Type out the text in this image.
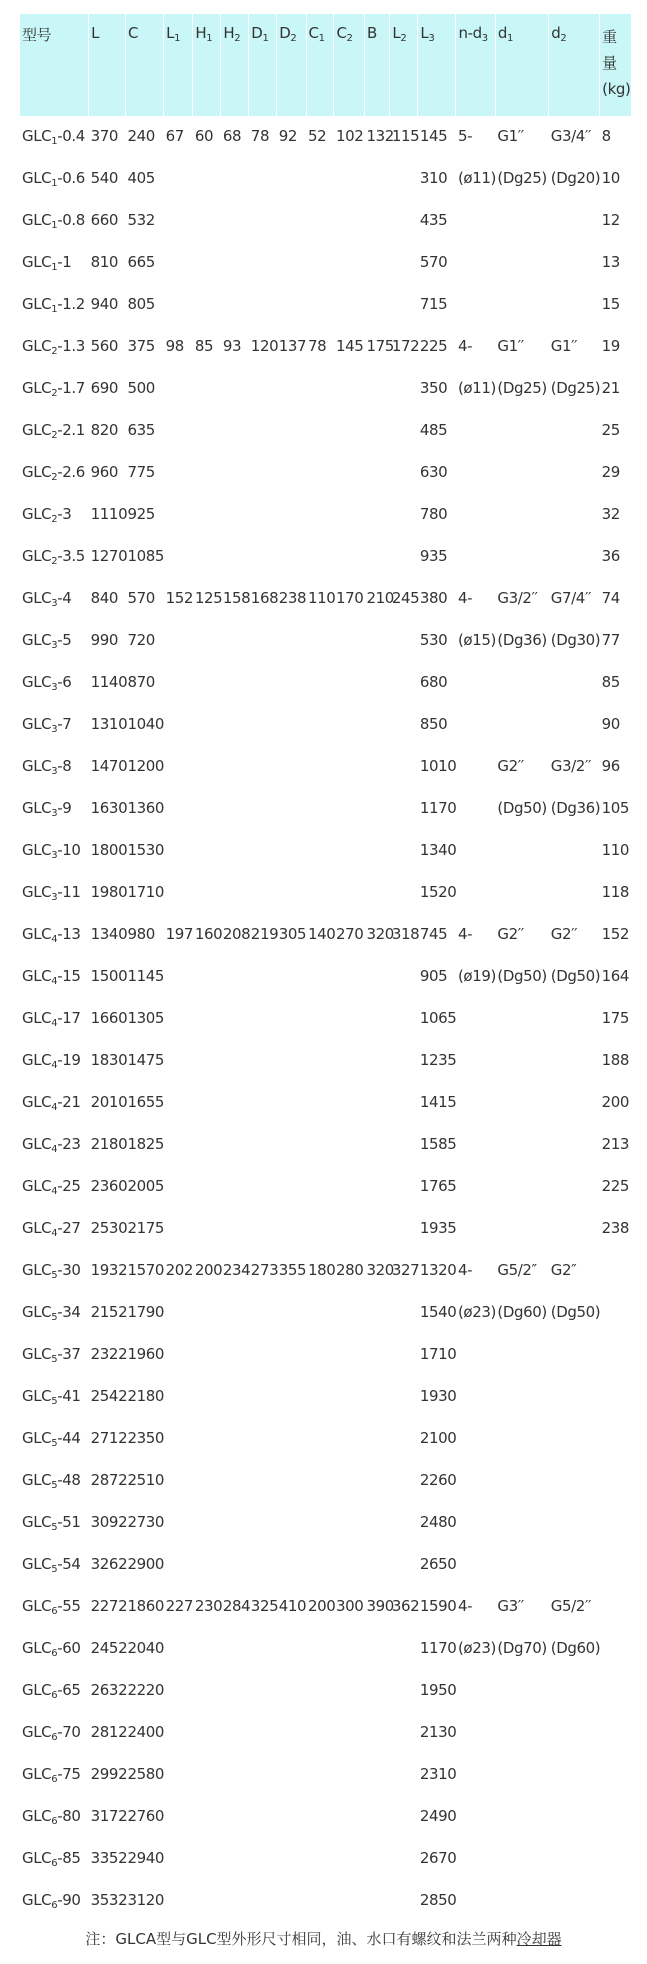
型号	L	C	$L_1$	$H_1$	$H_2$	$D_1$	$D_2$	$C_1$	$C_2$	B	$L_2$	$L_3$	$n-d_3$	$d_1$	$d_2$	重
量
(kg)
$GLC_1-0.4$	370	240	67	60	68	78	92	52	102	132	115	145	5-	G1′′	G3/4′′	8
$GLC_1-0.6$	540	405										310	(ø11)	(Dg25)	(Dg20)	10
$GLC_1-0.8$	660	532										435				12
$GLC_1-1$	810	665										570				13
$GLC_1-1.2$	940	805										715				15
$GLC_2-1.3$	560	375	98	85	93	120	137	78	145	175	172	225	4-	G1′′	G1′′	19
$GLC_2-1.7$	690	500										350	(ø11)	(Dg25)	(Dg25)	21
$GLC_2-2.1$	820	635										485				25
$GLC_2-2.6$	960	775										630				29
$GLC_2-3$	1110	925										780				32
$GLC_2-3.5$	1270	1085										935				36
$GLC_3-4$	840	570	152	125	158	168	238	110	170	210	245	380	4-	G3/2′′	G7/4′′	74
$GLC_3-5$	990	720										530	(ø15)	(Dg36)	(Dg30)	77
$GLC_3-6$	1140	870										680				85
$GLC_3-7$	1310	1040										850				90
$GLC_3-8$	1470	1200										1010		G2′′	G3/2′′	96
$GLC_3-9$	1630	1360										1170		(Dg50)	(Dg36)	105
$GLC_3-10$	1800	1530										1340				110
$GLC_3-11$	1980	1710										1520				118
$GLC_4-13$	1340	980	197	160	208	219	305	140	270	320	318	745	4-	G2′′	G2′′	152
$GLC_4-15$	1500	1145										905	(ø19)	(Dg50)	(Dg50)	164
$GLC_4-17$	1660	1305										1065				175
$GLC_4-19$	1830	1475										1235				188
$GLC_4-21$	2010	1655										1415				200
$GLC_4-23$	2180	1825										1585				213
$GLC_4-25$	2360	2005										1765				225
$GLC_4-27$	2530	2175										1935				238
$GLC_5-30$	1932	1570	202	200	234	273	355	180	280	320	327	1320	4-	G5/2″	G2″	
$GLC_5-34$	2152	1790										1540	(ø23)	(Dg60)	(Dg50)	
$GLC_5-37$	2322	1960										1710				
$GLC_5-41$	2542	2180										1930				
$GLC_5-44$	2712	2350										2100				
$GLC_5-48$	2872	2510										2260				
$GLC_5-51$	3092	2730										2480				
$GLC_5-54$	3262	2900										2650				
$GLC_6-55$	2272	1860	227	230	284	325	410	200	300	390	362	1590	4-	G3′′	G5/2′′	
$GLC_6-60$	2452	2040										1170	(ø23)	(Dg70)	(Dg60)	
$GLC_6-65$	2632	2220										1950				
$GLC_6-70$	2812	2400										2130				
$GLC_6-75$	2992	2580										2310				
$GLC_6-80$	3172	2760										2490				
$GLC_6-85$	3352	2940										2670				
$GLC_6-90$	3532	3120										2850				
注：GLCA型与GLC型外形尺寸相同，油、水口有螺纹和法兰两种冷却器
